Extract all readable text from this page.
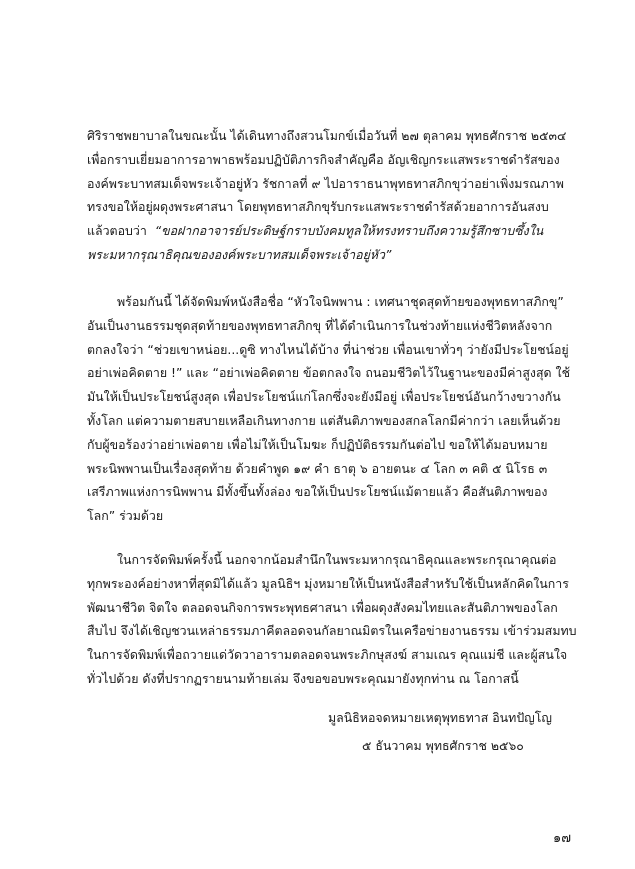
ศิริราชพยาบาลในขณะนั้น ได้เดินทางถึงสวนโมกข์เมื่อวันที่ ๒๗ ตุลาคม พุทธศักราช ๒๕๓๔
เพื่อกราบเยี่ยมอาการอาพาธพร้อมปฏิบัติภารกิจสำคัญคือ อัญเชิญกระแสพระราชดำรัสของ
องค์พระบาทสมเด็จพระเจ้าอยู่หัว รัชกาลที่ ๙ ไปอาราธนาพุทธทาสภิกขุว่าอย่าเพิ่งมรณภาพ
ทรงขอให้อยู่ผดุงพระศาสนา โดยพุทธทาสภิกขุรับกระแสพระราชดำรัสด้วยอาการอันสงบ
แล้วตอบว่า “ขอฝากอาจารย์ประดิษฐ์กราบบังคมทูลให้ทรงทราบถึงความรู้สึกซาบซึ้งใน
พระมหากรุณาธิคุณขององค์พระบาทสมเด็จพระเจ้าอยู่หัว”
พร้อมกันนี้ ได้จัดพิมพ์หนังสือชื่อ “หัวใจนิพพาน : เทศนาชุดสุดท้ายของพุทธทาสภิกขุ”
อันเป็นงานธรรมชุดสุดท้ายของพุทธทาสภิกขุ ที่ได้ดำเนินการในช่วงท้ายแห่งชีวิตหลังจาก
ตกลงใจว่า “ช่วยเขาหน่อย...ดูซิ ทางไหนได้บ้าง ที่น่าช่วย เพื่อนเขาทั่วๆ ว่ายังมีประโยชน์อยู่
อย่าเพ่อคิดตาย !” และ “อย่าเพ่อคิดตาย ข้อตกลงใจ ถนอมชีวิตไว้ในฐานะของมีค่าสูงสุด ใช้
มันให้เป็นประโยชน์สูงสุด เพื่อประโยชน์แก่โลกซึ่งจะยังมีอยู่ เพื่อประโยชน์อันกว้างขวางกัน
ทั้งโลก แต่ความตายสบายเหลือเกินทางกาย แต่สันติภาพของสกลโลกมีค่ากว่า เลยเห็นด้วย
กับผู้ขอร้องว่าอย่าเพ่อตาย เพื่อไม่ให้เป็นโมฆะ ก็ปฏิบัติธรรมกันต่อไป ขอให้ได้มอบหมาย
พระนิพพานเป็นเรื่องสุดท้าย ด้วยคำพูด ๑๙ คำ ธาตุ ๖ อายตนะ ๔ โลก ๓ คติ ๕ นิโรธ ๓
เสรีภาพแห่งการนิพพาน มีทั้งขึ้นทั้งล่อง ขอให้เป็นประโยชน์แม้ตายแล้ว คือสันติภาพของ
โลก” ร่วมด้วย
ในการจัดพิมพ์ครั้งนี้ นอกจากน้อมสำนึกในพระมหากรุณาธิคุณและพระกรุณาคุณต่อ
ทุกพระองค์อย่างหาที่สุดมิได้แล้ว มูลนิธิฯ มุ่งหมายให้เป็นหนังสือสำหรับใช้เป็นหลักคิดในการ
พัฒนาชีวิต จิตใจ ตลอดจนกิจการพระพุทธศาสนา เพื่อผดุงสังคมไทยและสันติภาพของโลก
สืบไป จึงได้เชิญชวนเหล่าธรรมภาคีตลอดจนกัลยาณมิตรในเครือข่ายงานธรรม เข้าร่วมสมทบ
ในการจัดพิมพ์เพื่อถวายแด่วัดวาอารามตลอดจนพระภิกษุสงฆ์ สามเณร คุณแม่ชี และผู้สนใจ
ทั่วไปด้วย ดังที่ปรากฏรายนามท้ายเล่ม จึงขอขอบพระคุณมายังทุกท่าน ณ โอกาสนี้
มูลนิธิหอจดหมายเหตุพุทธทาส อินทปัญโญ
๕ ธันวาคม พุทธศักราช ๒๕๖๐
๑๗
